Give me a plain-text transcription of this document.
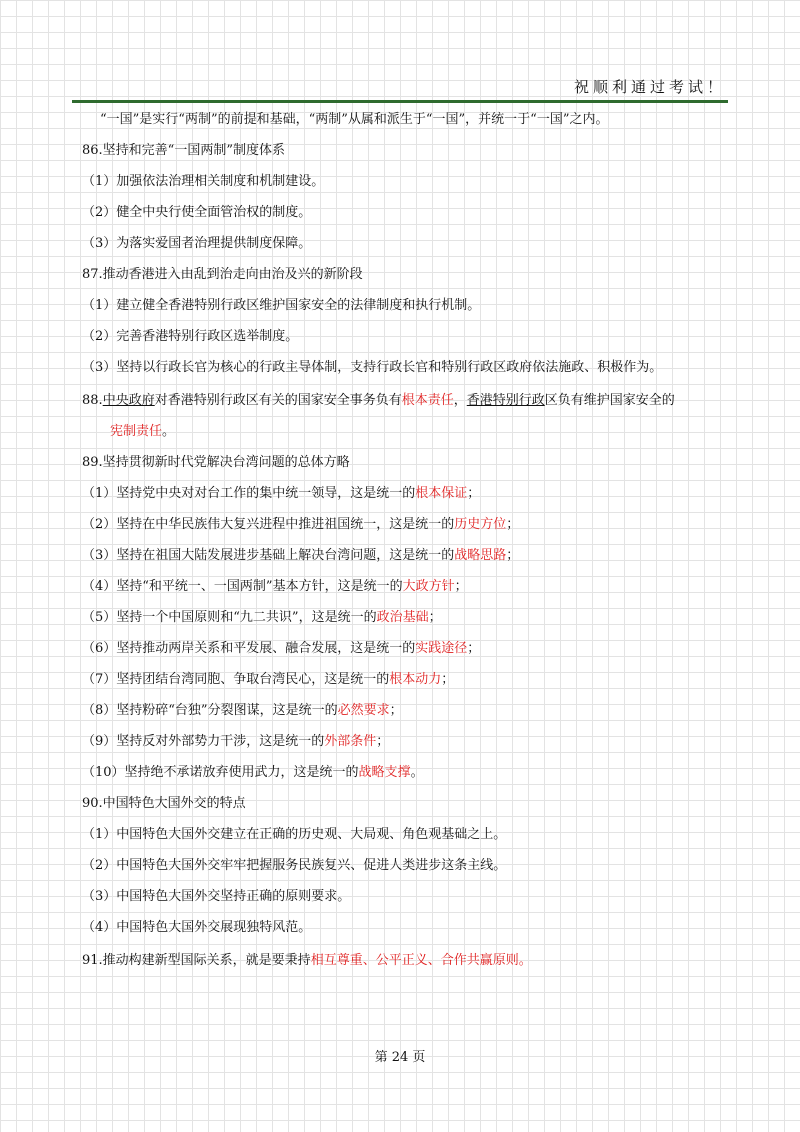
祝顺利通过考试！
“一国”是实行“两制”的前提和基础，“两制”从属和派生于“一国”，并统一于“一国”之内。
86.坚持和完善“一国两制”制度体系
（1）加强依法治理相关制度和机制建设。
（2）健全中央行使全面管治权的制度。
（3）为落实爱国者治理提供制度保障。
87.推动香港进入由乱到治走向由治及兴的新阶段
（1）建立健全香港特别行政区维护国家安全的法律制度和执行机制。
（2）完善香港特别行政区选举制度。
（3）坚持以行政长官为核心的行政主导体制，支持行政长官和特别行政区政府依法施政、积极作为。
88.中央政府对香港特别行政区有关的国家安全事务负有根本责任，香港特别行政区负有维护国家安全的
宪制责任。
89.坚持贯彻新时代党解决台湾问题的总体方略
（1）坚持党中央对对台工作的集中统一领导，这是统一的根本保证；
（2）坚持在中华民族伟大复兴进程中推进祖国统一，这是统一的历史方位；
（3）坚持在祖国大陆发展进步基础上解决台湾问题，这是统一的战略思路；
（4）坚持“和平统一、一国两制”基本方针，这是统一的大政方针；
（5）坚持一个中国原则和“九二共识”，这是统一的政治基础；
（6）坚持推动两岸关系和平发展、融合发展，这是统一的实践途径；
（7）坚持团结台湾同胞、争取台湾民心，这是统一的根本动力；
（8）坚持粉碎“台独”分裂图谋，这是统一的必然要求；
（9）坚持反对外部势力干涉，这是统一的外部条件；
（10）坚持绝不承诺放弃使用武力，这是统一的战略支撑。
90.中国特色大国外交的特点
（1）中国特色大国外交建立在正确的历史观、大局观、角色观基础之上。
（2）中国特色大国外交牢牢把握服务民族复兴、促进人类进步这条主线。
（3）中国特色大国外交坚持正确的原则要求。
（4）中国特色大国外交展现独特风范。
91.推动构建新型国际关系，就是要秉持相互尊重、公平正义、合作共赢原则。
第 24 页
